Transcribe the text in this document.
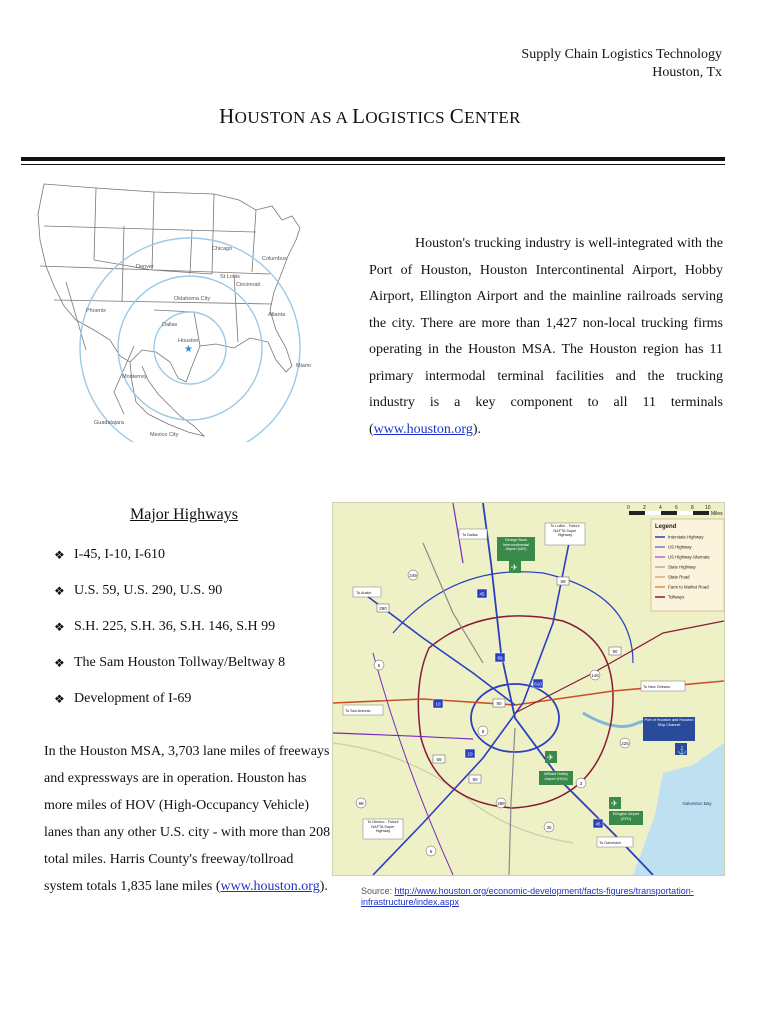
Supply Chain Logistics Technology
Houston, Tx
HOUSTON AS A LOGISTICS CENTER
Chicago
Columbus
Denver
St Louis
Cincinnati
Phoenix
Oklahoma City
Atlanta
Dallas
Houston
Miami
Monterrey
Guadalajara
Mexico City
★
Houston's trucking industry is well-integrated with the Port of Houston, Houston Intercontinental Airport, Hobby Airport, Ellington Airport and the mainline railroads serving the city. There are more than 1,427 non-local trucking firms operating in the Houston MSA. The Houston region has 11 primary intermodal terminal facilities and the trucking industry is a key component to all 11 terminals (www.houston.org).
Major Highways
❖ I-45, I-10, I-610
❖ U.S. 59, U.S. 290, U.S. 90
❖ S.H. 225, S.H. 36, S.H. 146, S.H 99
❖ The Sam Houston Tollway/Beltway 8
❖ Development of I-69
In the Houston MSA, 3,703 lane miles of freeways and expressways are in operation. Houston has more miles of HOV (High-Occupancy Vehicle) lanes than any other U.S. city - with more than 208 total miles. Harris County's freeway/tollroad system totals 1,835 lane miles (www.houston.org).
0	2	4	6	8 10
Miles
Legend
Interstate Highway
US Highway
US Highway Alternate
State Highway
State Road
Farm to Market Road
Tollways
To Dallas
To Lufkin - Future NAFTA Super Highway
George Bush Intercontinental Airport (IAH)
✈
To Austin
To San Antonio
To New Orleans
Port of Houston and Houston Ship Channel
⚓
William Hobby Airport (HOU)
✈
Ellington Airport (EFD)
✈
To Mexico - Future NAFTA Super Highway
To Galveston
Galveston Bay
249
290
6
99
6
59
45
10
610
90
225
3
35
288
45
59
90
10
146
8
69
90
Source: http://www.houston.org/economic-development/facts-figures/transportation-infrastructure/index.aspx
